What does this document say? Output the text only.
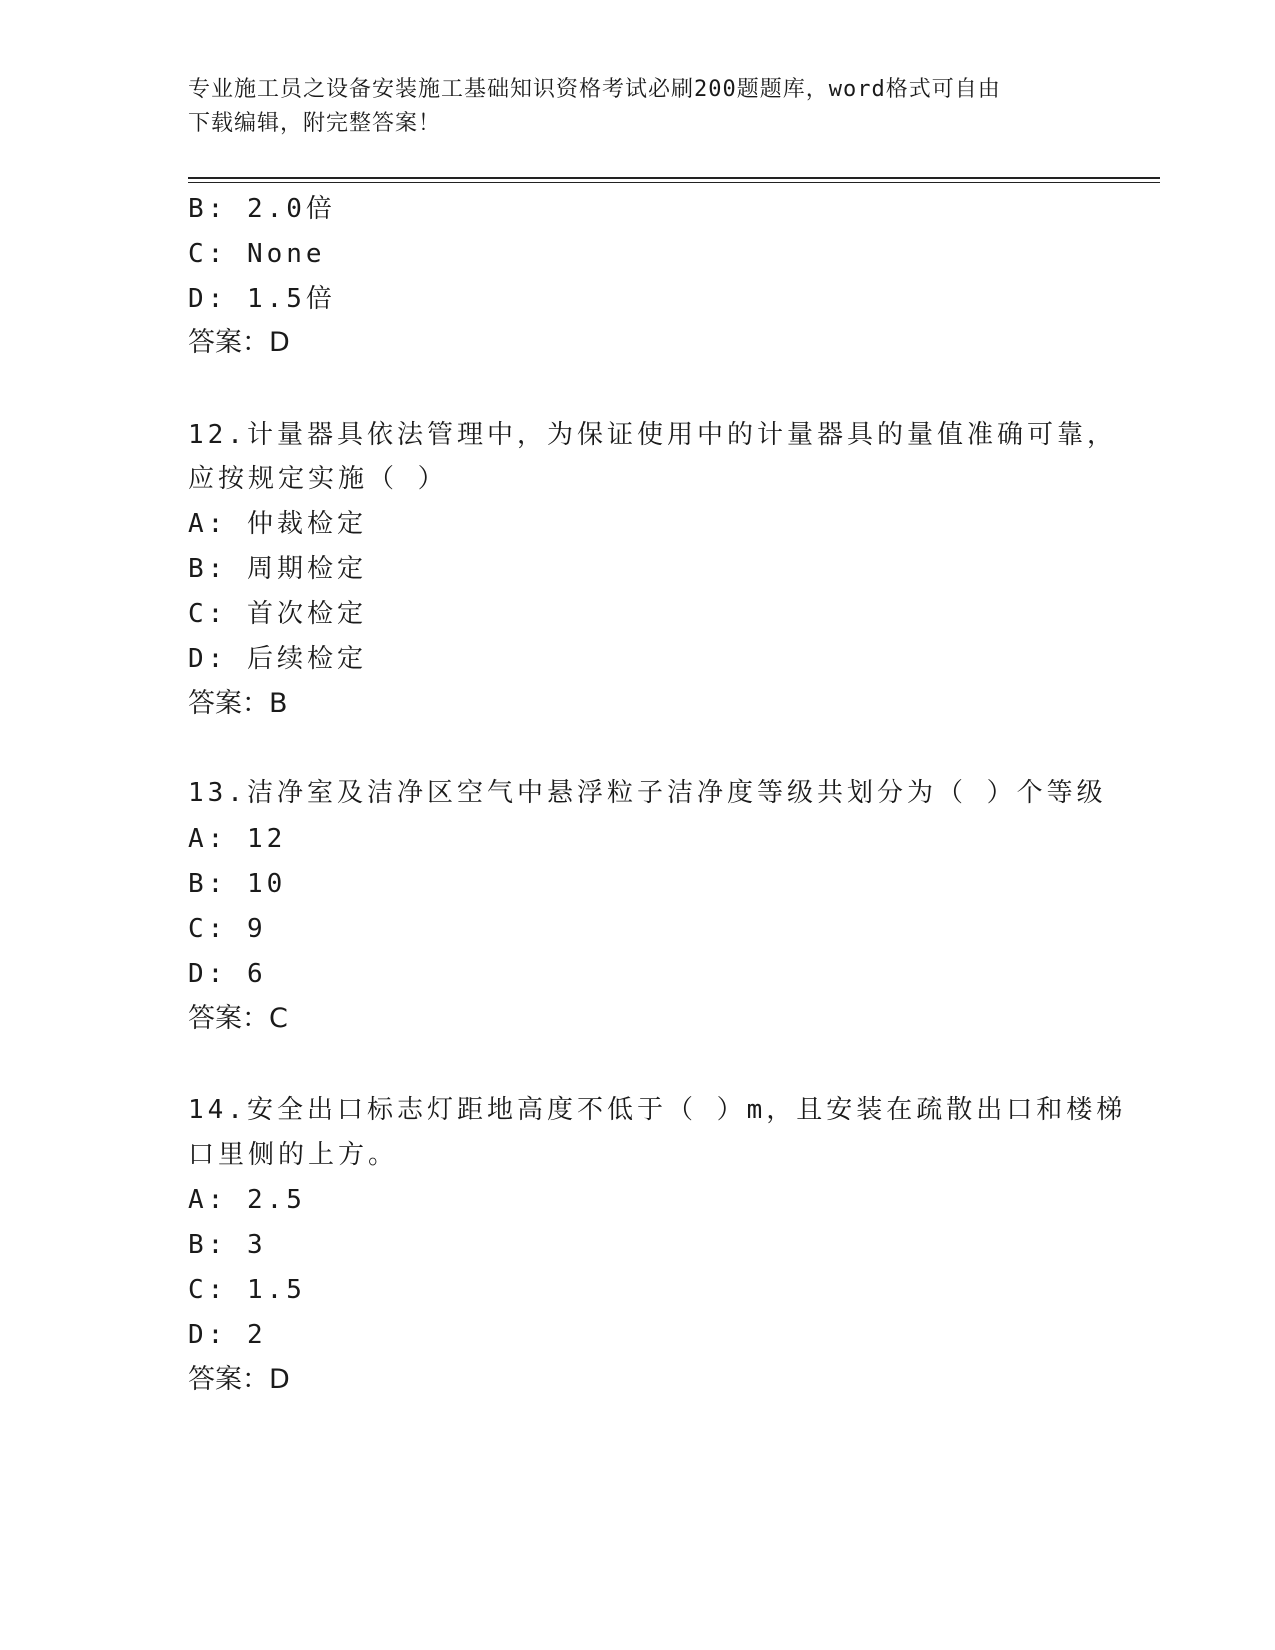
专业施工员之设备安装施工基础知识资格考试必刷200题题库，word格式可自由
下载编辑，附完整答案！
B: 2.0倍
C: None
D: 1.5倍
答案：D
12.计量器具依法管理中，为保证使用中的计量器具的量值准确可靠，
应按规定实施（ ）
A: 仲裁检定
B: 周期检定
C: 首次检定
D: 后续检定
答案：B
13.洁净室及洁净区空气中悬浮粒子洁净度等级共划分为（ ）个等级
A: 12
B: 10
C: 9
D: 6
答案：C
14.安全出口标志灯距地高度不低于（ ）m，且安装在疏散出口和楼梯
口里侧的上方。
A: 2.5
B: 3
C: 1.5
D: 2
答案：D
